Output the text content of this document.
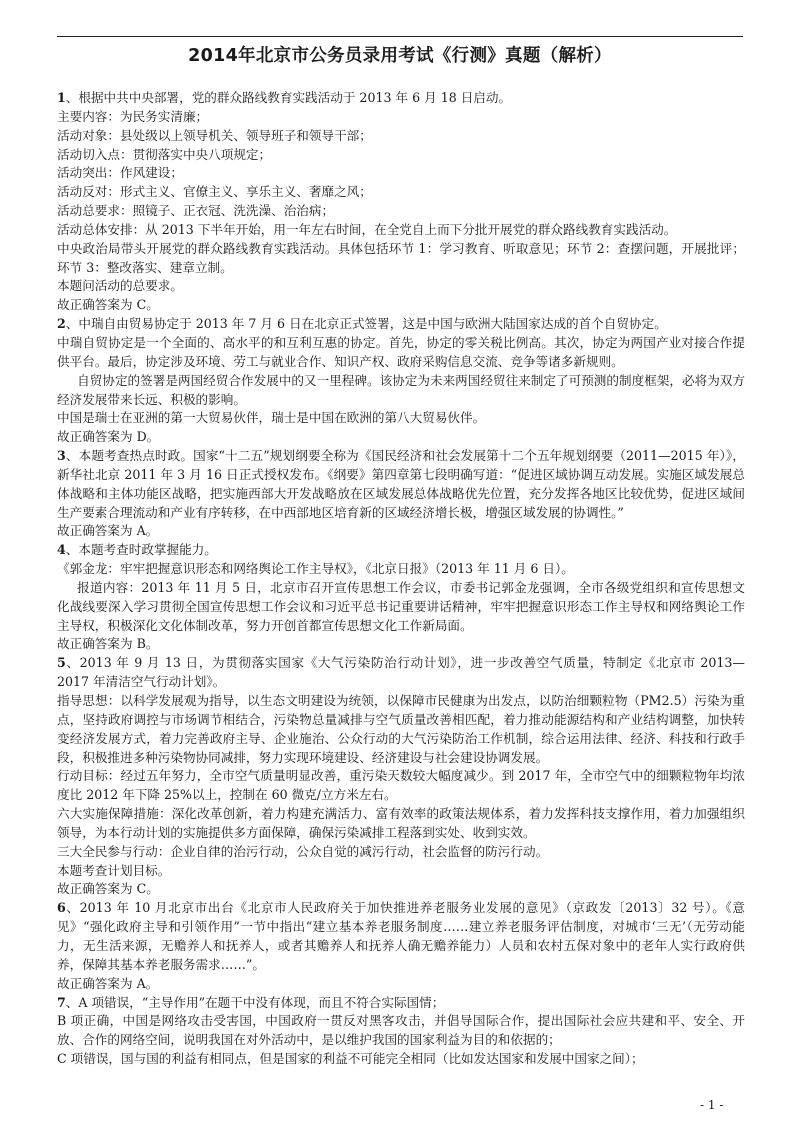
2014年北京市公务员录用考试《行测》真题（解析）

1、根据中共中央部署，党的群众路线教育实践活动于 2013 年 6 月 18 日启动。

主要内容：为民务实清廉；

活动对象：县处级以上领导机关、领导班子和领导干部；

活动切入点：贯彻落实中央八项规定；

活动突出：作风建设；

活动反对：形式主义、官僚主义、享乐主义、奢靡之风；

活动总要求：照镜子、正衣冠、洗洗澡、治治病；

活动总体安排：从 2013 下半年开始，用一年左右时间，在全党自上而下分批开展党的群众路线教育实践活动。

中央政治局带头开展党的群众路线教育实践活动。具体包括环节 1：学习教育、听取意见；环节 2：查摆问题，开展批评；环节 3：整改落实、建章立制。

本题问活动的总要求。

故正确答案为 C。

2、中瑞自由贸易协定于 2013 年 7 月 6 日在北京正式签署，这是中国与欧洲大陆国家达成的首个自贸协定。

中瑞自贸协定是一个全面的、高水平的和互利互惠的协定。首先，协定的零关税比例高。其次，协定为两国产业对接合作提供平台。最后，协定涉及环境、劳工与就业合作、知识产权、政府采购信息交流、竞争等诸多新规则。

自贸协定的签署是两国经贸合作发展中的又一里程碑。该协定为未来两国经贸往来制定了可预测的制度框架，必将为双方经济发展带来长远、积极的影响。

中国是瑞士在亚洲的第一大贸易伙伴，瑞士是中国在欧洲的第八大贸易伙伴。

故正确答案为 D。

3、本题考查热点时政。国家“十二五”规划纲要全称为《国民经济和社会发展第十二个五年规划纲要（2011—2015 年）》，新华社北京 2011 年 3 月 16 日正式授权发布。《纲要》第四章第七段明确写道：“促进区域协调互动发展。实施区域发展总体战略和主体功能区战略，把实施西部大开发战略放在区域发展总体战略优先位置，充分发挥各地区比较优势，促进区域间生产要素合理流动和产业有序转移，在中西部地区培育新的区域经济增长极，增强区域发展的协调性。”

故正确答案为 A。

4、本题考查时政掌握能力。

《郭金龙：牢牢把握意识形态和网络舆论工作主导权》，《北京日报》（2013 年 11 月 6 日）。

报道内容：2013 年 11 月 5 日，北京市召开宣传思想工作会议，市委书记郭金龙强调，全市各级党组织和宣传思想文化战线要深入学习贯彻全国宣传思想工作会议和习近平总书记重要讲话精神，牢牢把握意识形态工作主导权和网络舆论工作主导权，积极深化文化体制改革，努力开创首都宣传思想文化工作新局面。

故正确答案为 B。

5、2013 年 9 月 13 日，为贯彻落实国家《大气污染防治行动计划》，进一步改善空气质量，特制定《北京市 2013—2017 年清洁空气行动计划》。

指导思想：以科学发展观为指导，以生态文明建设为统领，以保障市民健康为出发点，以防治细颗粒物（PM2.5）污染为重点，坚持政府调控与市场调节相结合，污染物总量减排与空气质量改善相匹配，着力推动能源结构和产业结构调整，加快转变经济发展方式，着力完善政府主导、企业施治、公众行动的大气污染防治工作机制，综合运用法律、经济、科技和行政手段，积极推进多种污染物协同减排，努力实现环境建设、经济建设与社会建设协调发展。

行动目标：经过五年努力，全市空气质量明显改善，重污染天数较大幅度减少。到 2017 年，全市空气中的细颗粒物年均浓度比 2012 年下降 25%以上，控制在 60 微克/立方米左右。

六大实施保障措施：深化改革创新，着力构建充满活力、富有效率的政策法规体系，着力发挥科技支撑作用，着力加强组织领导，为本行动计划的实施提供多方面保障，确保污染减排工程落到实处、收到实效。

三大全民参与行动：企业自律的治污行动，公众自觉的减污行动，社会监督的防污行动。

本题考查计划目标。

故正确答案为 C。

6、2013 年 10 月北京市出台《北京市人民政府关于加快推进养老服务业发展的意见》（京政发〔2013〕32 号）。《意见》“强化政府主导和引领作用”一节中指出“建立基本养老服务制度……建立养老服务评估制度，对城市‘三无’（无劳动能力，无生活来源，无赡养人和抚养人，或者其赡养人和抚养人确无赡养能力）人员和农村五保对象中的老年人实行政府供养，保障其基本养老服务需求……”。

故正确答案为 A。

7、A 项错误，“主导作用”在题干中没有体现，而且不符合实际国情；

B 项正确，中国是网络攻击受害国，中国政府一贯反对黑客攻击，并倡导国际合作，提出国际社会应共建和平、安全、开放、合作的网络空间，说明我国在对外活动中，是以维护我国的国家利益为目的和依据的；

C 项错误，国与国的利益有相同点，但是国家的利益不可能完全相同（比如发达国家和发展中国家之间）；

- 1 -
